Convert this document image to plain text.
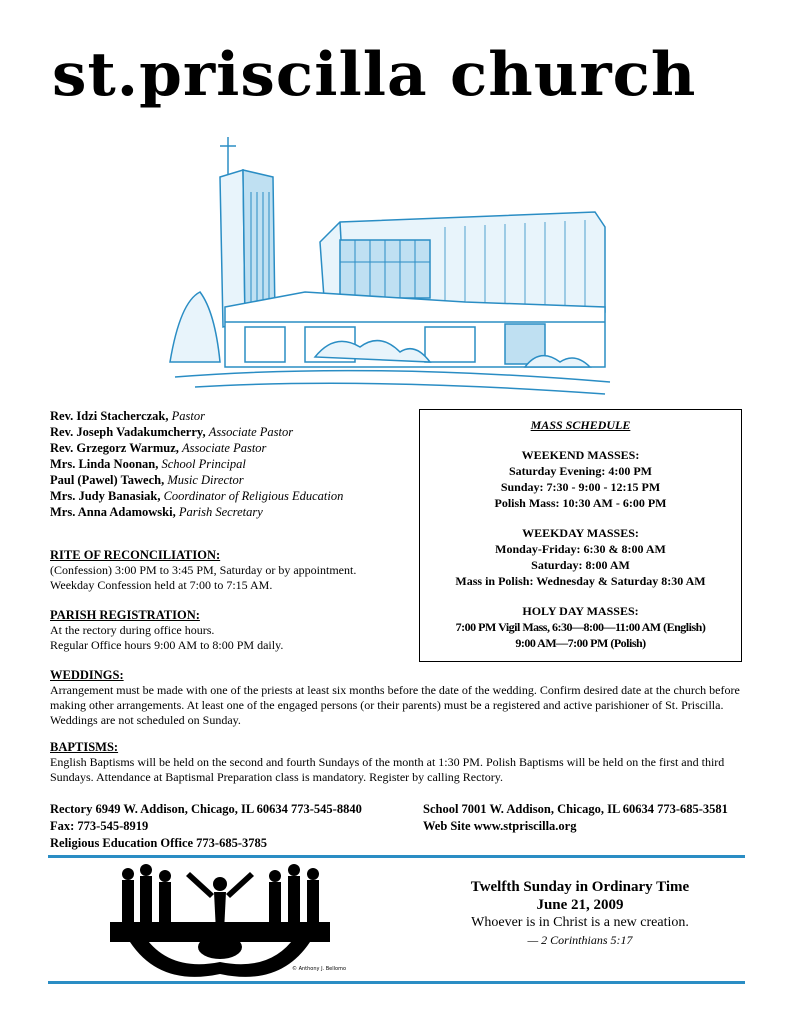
st.priscilla church
Rev. Idzi Stacherczak, Pastor
Rev. Joseph Vadakumcherry, Associate Pastor
Rev. Grzegorz Warmuz, Associate Pastor
Mrs. Linda Noonan, School Principal
Paul (Pawel) Tawech, Music Director
Mrs. Judy Banasiak, Coordinator of Religious Education
Mrs. Anna Adamowski, Parish Secretary
RITE OF RECONCILIATION:
(Confession) 3:00 PM to 3:45 PM, Saturday or by appointment.
Weekday Confession held at 7:00 to 7:15 AM.
PARISH REGISTRATION:
At the rectory during office hours.
Regular Office hours 9:00 AM to 8:00 PM daily.
MASS SCHEDULE
WEEKEND MASSES:
Saturday Evening: 4:00 PM
Sunday: 7:30 - 9:00 - 12:15 PM
Polish Mass: 10:30 AM - 6:00 PM
WEEKDAY MASSES:
Monday-Friday: 6:30 & 8:00 AM
Saturday: 8:00 AM
Mass in Polish: Wednesday & Saturday 8:30 AM
HOLY DAY MASSES:
7:00 PM Vigil Mass, 6:30—8:00—11:00 AM (English)
9:00 AM—7:00 PM (Polish)
WEDDINGS:
Arrangement must be made with one of the priests at least six months before the date of the wedding. Confirm desired date at the church before making other arrangements. At least one of the engaged persons (or their parents) must be a registered and active parishioner of St. Priscilla. Weddings are not scheduled on Sunday.
BAPTISMS:
English Baptisms will be held on the second and fourth Sundays of the month at 1:30 PM. Polish Baptisms will be held on the first and third Sundays. Attendance at Baptismal Preparation class is mandatory. Register by calling Rectory.
Rectory 6949 W. Addison, Chicago, IL 60634 773-545-8840
Fax: 773-545-8919
Religious Education Office 773-685-3785
School 7001 W. Addison, Chicago, IL 60634 773-685-3581
Web Site www.stpriscilla.org
© Anthony J. Bellomo
Twelfth Sunday in Ordinary Time
June 21, 2009
Whoever is in Christ is a new creation.
— 2 Corinthians 5:17
